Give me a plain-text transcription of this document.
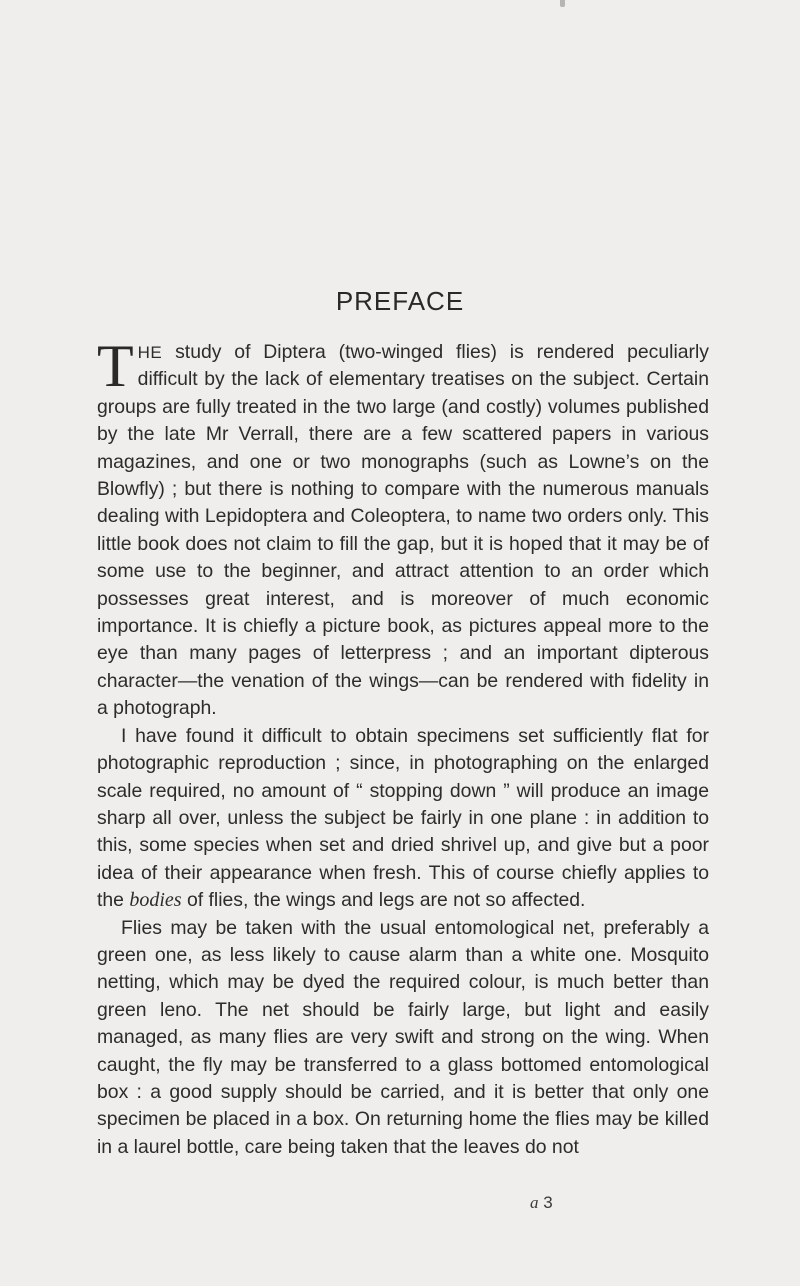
PREFACE

THE study of Diptera (two-winged flies) is rendered peculiarly difficult by the lack of elementary treatises on the subject. Certain groups are fully treated in the two large (and costly) volumes published by the late Mr Verrall, there are a few scattered papers in various magazines, and one or two monographs (such as Lowne’s on the Blowfly) ; but there is nothing to compare with the numerous manuals dealing with Lepidoptera and Coleoptera, to name two orders only. This little book does not claim to fill the gap, but it is hoped that it may be of some use to the beginner, and attract attention to an order which possesses great interest, and is moreover of much economic importance. It is chiefly a picture book, as pictures appeal more to the eye than many pages of letterpress ; and an important dipterous character—the venation of the wings—can be rendered with fidelity in a photograph.

I have found it difficult to obtain specimens set sufficiently flat for photographic reproduction ; since, in photographing on the enlarged scale required, no amount of “ stopping down ” will produce an image sharp all over, unless the subject be fairly in one plane : in addition to this, some species when set and dried shrivel up, and give but a poor idea of their appearance when fresh. This of course chiefly applies to the bodies of flies, the wings and legs are not so affected.

Flies may be taken with the usual entomological net, preferably a green one, as less likely to cause alarm than a white one. Mosquito netting, which may be dyed the required colour, is much better than green leno. The net should be fairly large, but light and easily managed, as many flies are very swift and strong on the wing. When caught, the fly may be transferred to a glass bottomed entomological box : a good supply should be carried, and it is better that only one specimen be placed in a box. On returning home the flies may be killed in a laurel bottle, care being taken that the leaves do not

a 3
